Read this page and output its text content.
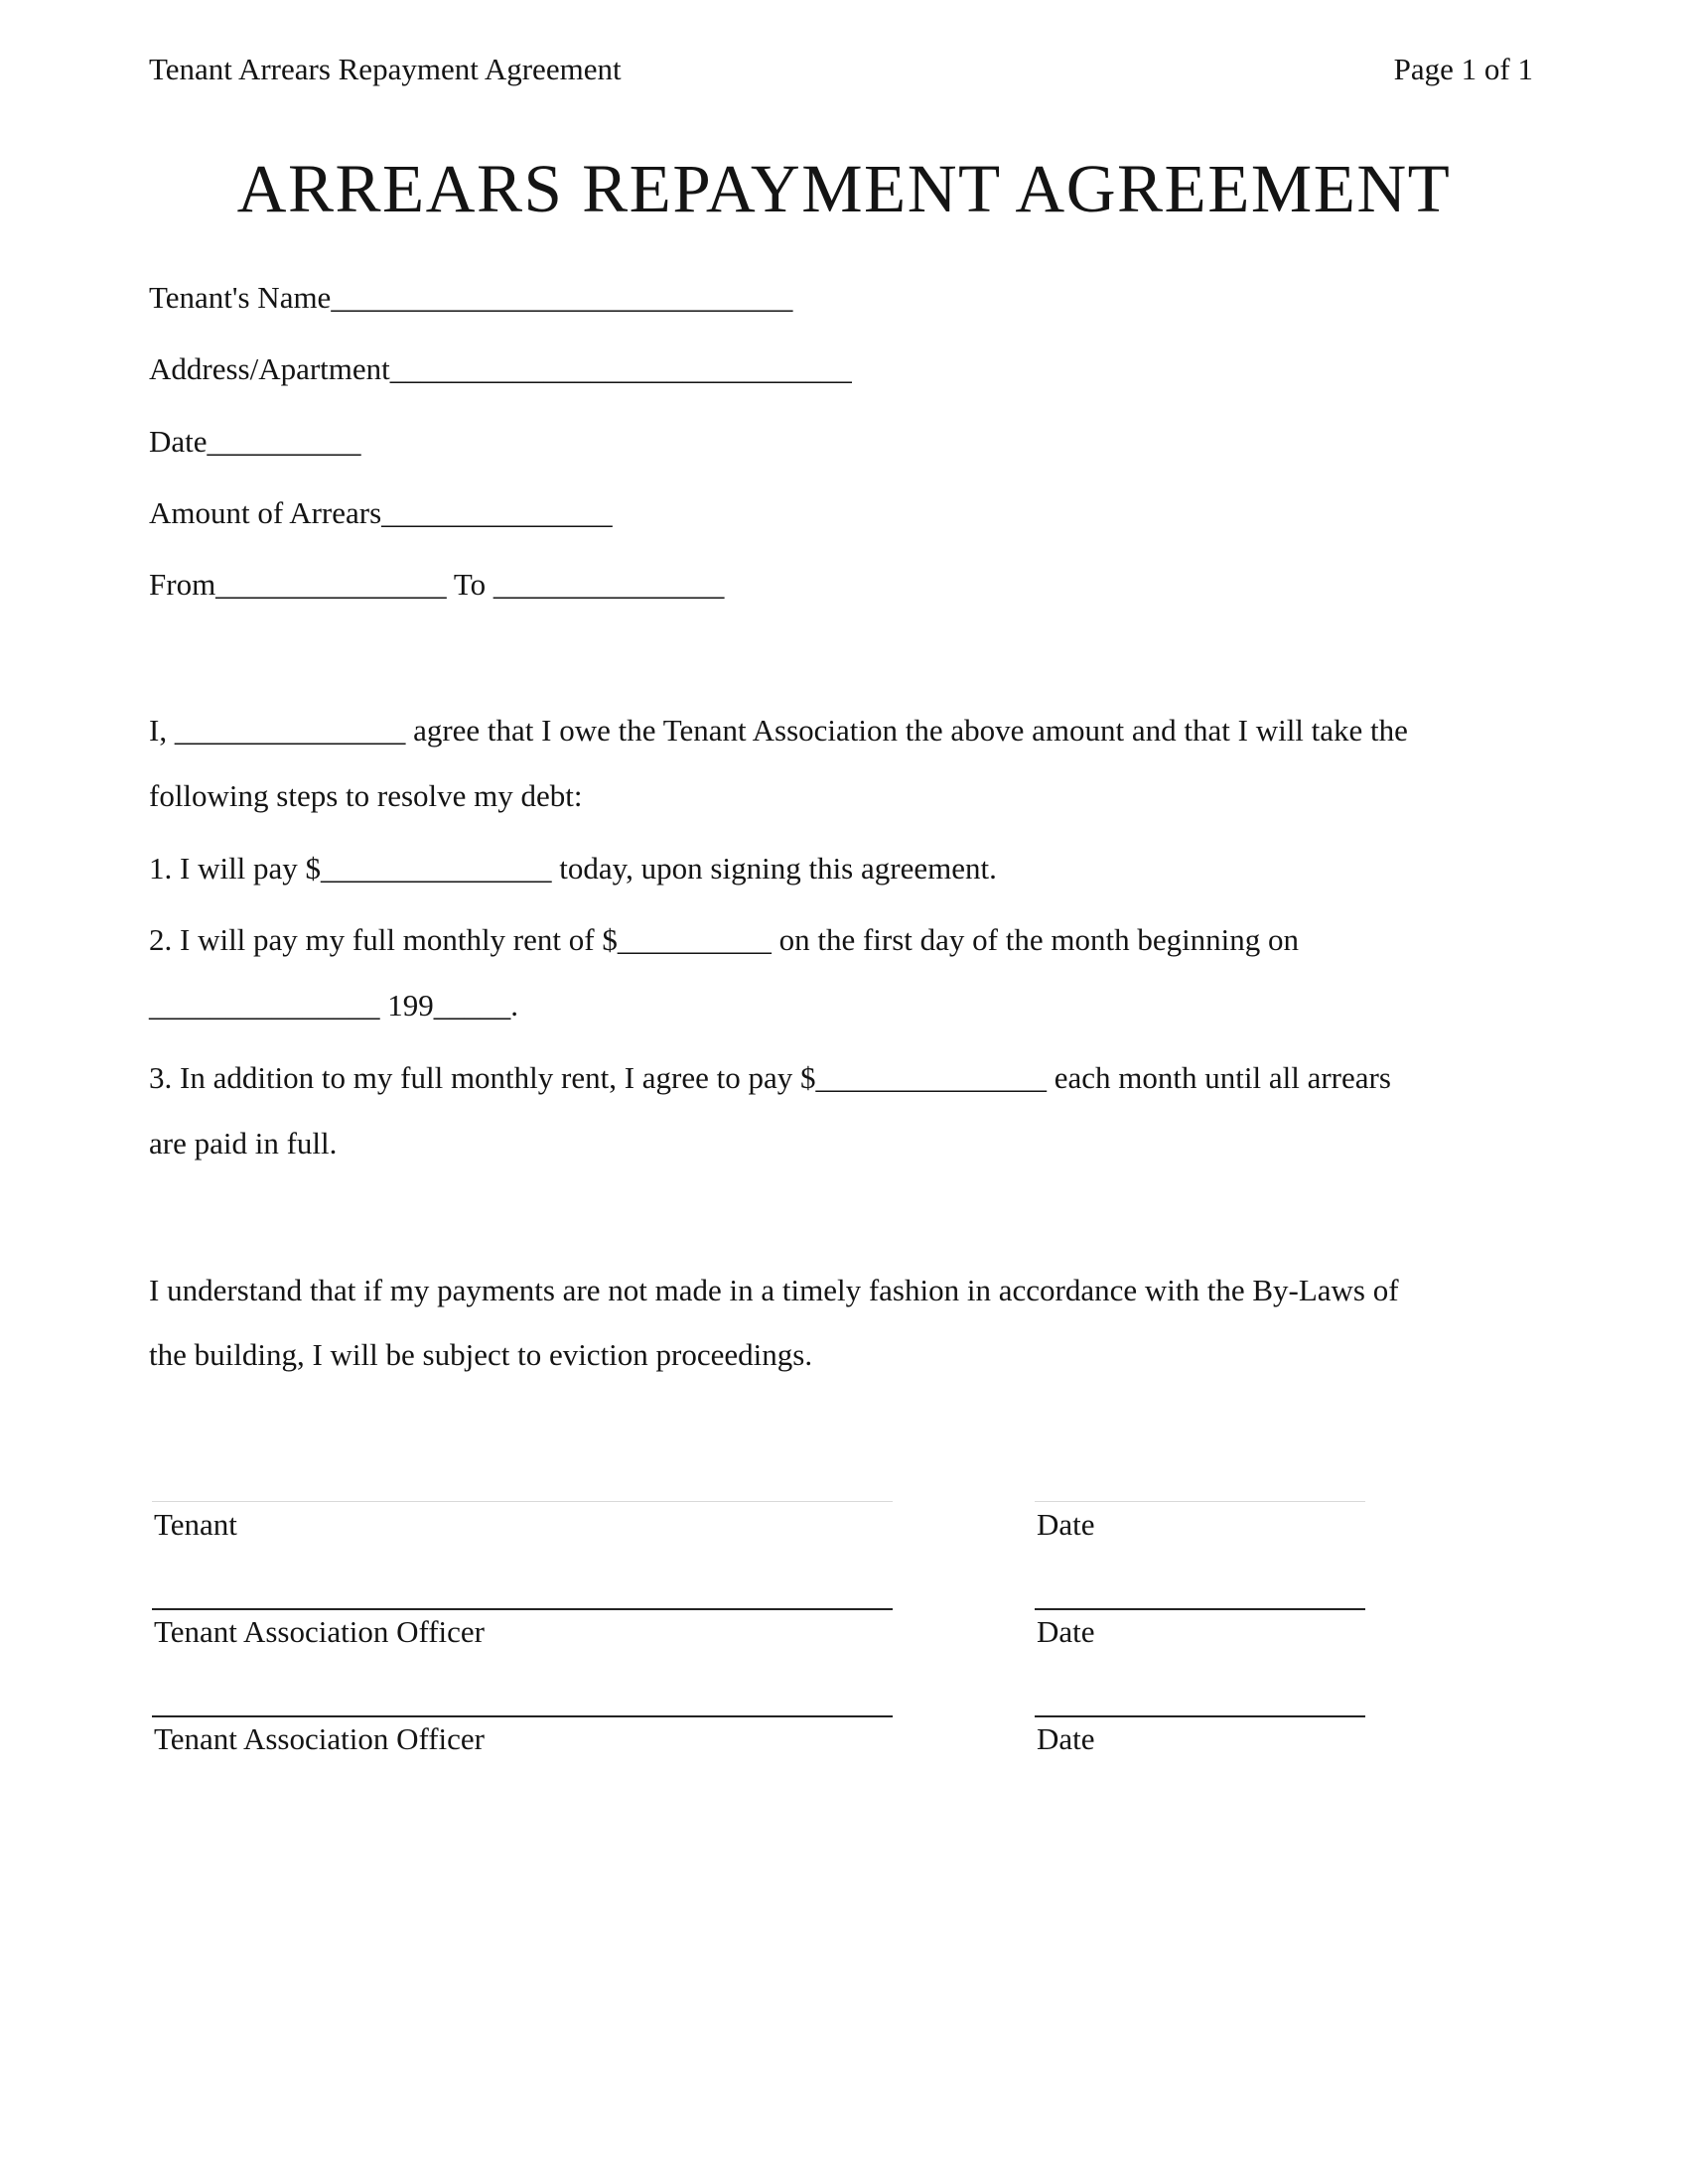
Tenant Arrears Repayment Agreement	Page 1 of 1
ARREARS REPAYMENT AGREEMENT
Tenant's Name______________________________
Address/Apartment______________________________
Date__________
Amount of Arrears_______________
From_______________ To _______________
I, _______________ agree that I owe the Tenant Association the above amount and that I will take the
following steps to resolve my debt:
1. I will pay $_______________ today, upon signing this agreement.
2. I will pay my full monthly rent of $__________ on the first day of the month beginning on
_______________ 199_____.
3. In addition to my full monthly rent, I agree to pay $_______________ each month until all arrears
are paid in full.
I understand that if my payments are not made in a timely fashion in accordance with the By-Laws of
the building, I will be subject to eviction proceedings.
Tenant	Date
Tenant Association Officer	Date
Tenant Association Officer	Date
